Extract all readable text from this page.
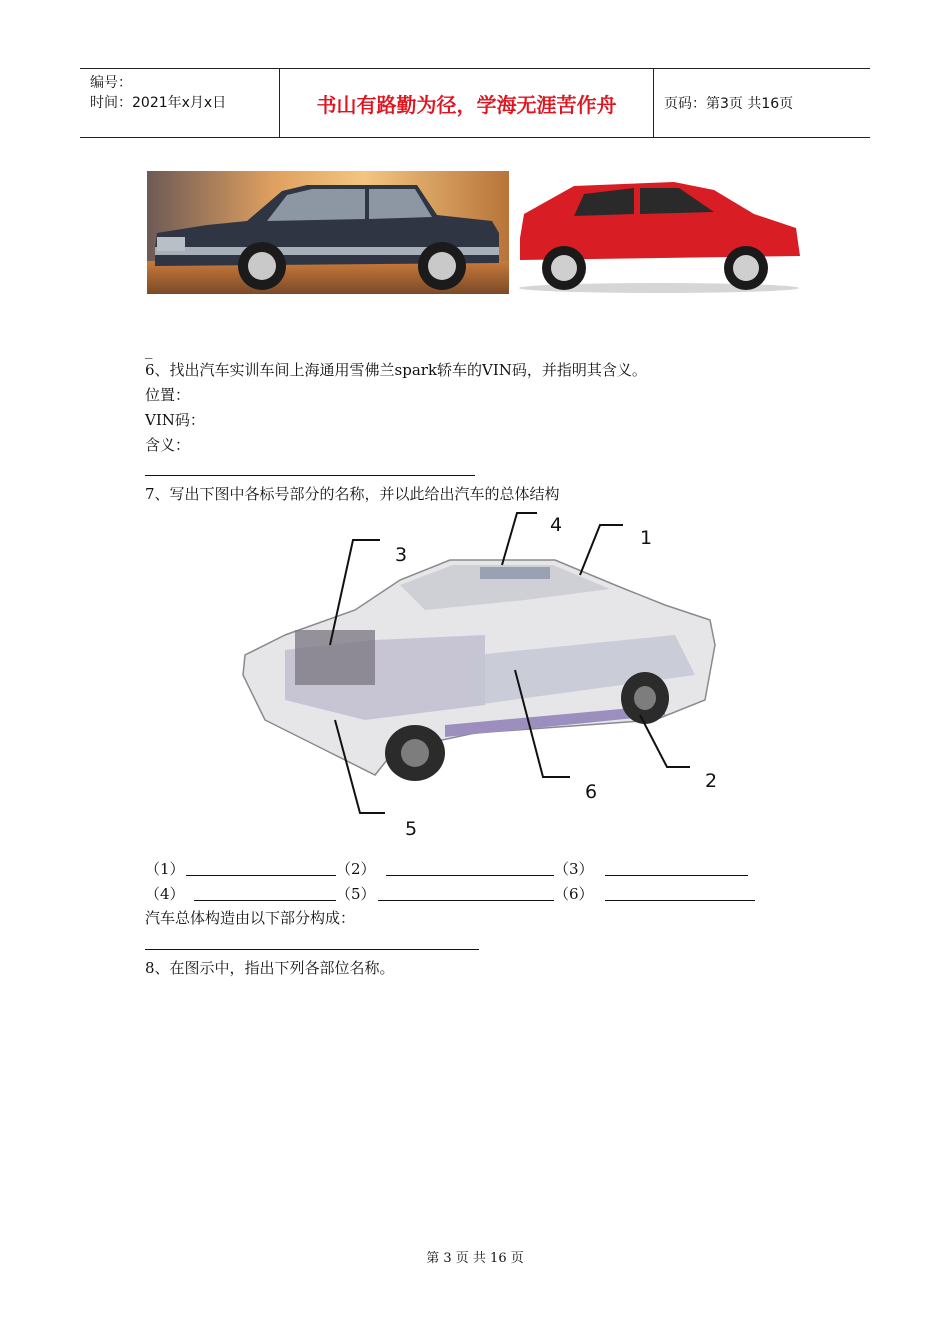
编号：
时间：2021年x月x日	书山有路勤为径，学海无涯苦作舟	页码：第3页 共16页
_
6、找出汽车实训车间上海通用雪佛兰spark轿车的VIN码，并指明其含义。
位置：
VIN码：
含义：
7、写出下图中各标号部分的名称，并以此给出汽车的总体结构
1
2
3
4
5
6
（1）	（2）	（3）
（4）	（5）	（6）
汽车总体构造由以下部分构成：
8、在图示中，指出下列各部位名称。
第 3 页 共 16 页
